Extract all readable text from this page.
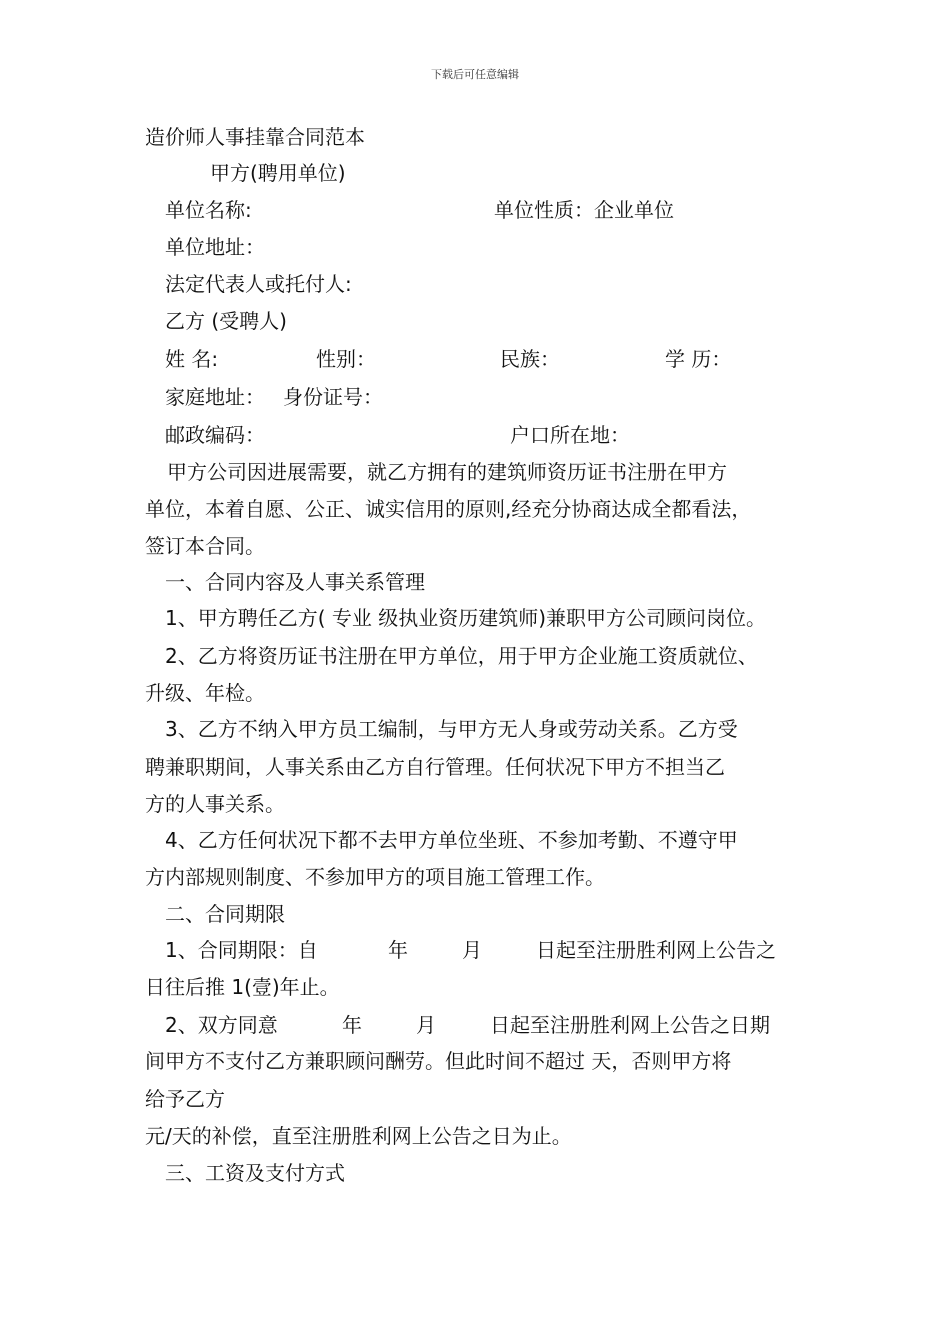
下载后可任意编辑
造价师人事挂靠合同范本
甲方(聘用单位)
单位名称:	单位性质：企业单位
单位地址：
法定代表人或托付人:
乙方 (受聘人)
姓 名:	性别：	民族：	学 历：
家庭地址： 身份证号：
邮政编码：	户口所在地：
甲方公司因进展需要，就乙方拥有的建筑师资历证书注册在甲方
单位，本着自愿、公正、诚实信用的原则,经充分协商达成全都看法，
签订本合同。
一、合同内容及人事关系管理
1、甲方聘任乙方( 专业 级执业资历建筑师)兼职甲方公司顾问岗位。
2、乙方将资历证书注册在甲方单位，用于甲方企业施工资质就位、
升级、年检。
3、乙方不纳入甲方员工编制，与甲方无人身或劳动关系。乙方受
聘兼职期间，人事关系由乙方自行管理。任何状况下甲方不担当乙
方的人事关系。
4、乙方任何状况下都不去甲方单位坐班、不参加考勤、不遵守甲
方内部规则制度、不参加甲方的项目施工管理工作。
二、合同期限
1、合同期限：自	年	月	日起至注册胜利网上公告之
日往后推 1(壹)年止。
2、双方同意	年	月	日起至注册胜利网上公告之日期
间甲方不支付乙方兼职顾问酬劳。但此时间不超过 天，否则甲方将
给予乙方
元/天的补偿，直至注册胜利网上公告之日为止。
三、工资及支付方式
